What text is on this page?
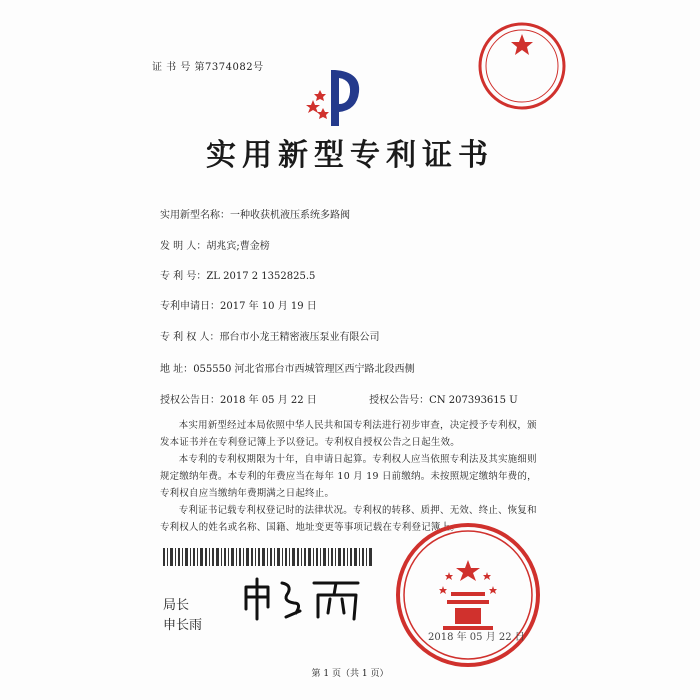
证 书 号 第7374082号
实用新型专利证书
实用新型名称：一种收获机液压系统多路阀
发 明 人：胡兆宾;曹金榜
专 利 号：ZL 2017 2 1352825.5
专利申请日：2017 年 10 月 19 日
专 利 权 人：邢台市小龙王精密液压泵业有限公司
地 址：055550 河北省邢台市西城管理区西宁路北段西侧
授权公告日：2018 年 05 月 22 日	授权公告号：CN 207393615 U

本实用新型经过本局依照中华人民共和国专利法进行初步审查，决定授予专利权，颁发本证书并在专利登记簿上予以登记。专利权自授权公告之日起生效。

本专利的专利权期限为十年，自申请日起算。专利权人应当依照专利法及其实施细则规定缴纳年费。本专利的年费应当在每年 10 月 19 日前缴纳。未按照规定缴纳年费的，专利权自应当缴纳年费期满之日起终止。

专利证书记载专利权登记时的法律状况。专利权的转移、质押、无效、终止、恢复和专利权人的姓名或名称、国籍、地址变更等事项记载在专利登记簿上。

局长
申长雨
2018 年 05 月 22 日
第 1 页（共 1 页）
